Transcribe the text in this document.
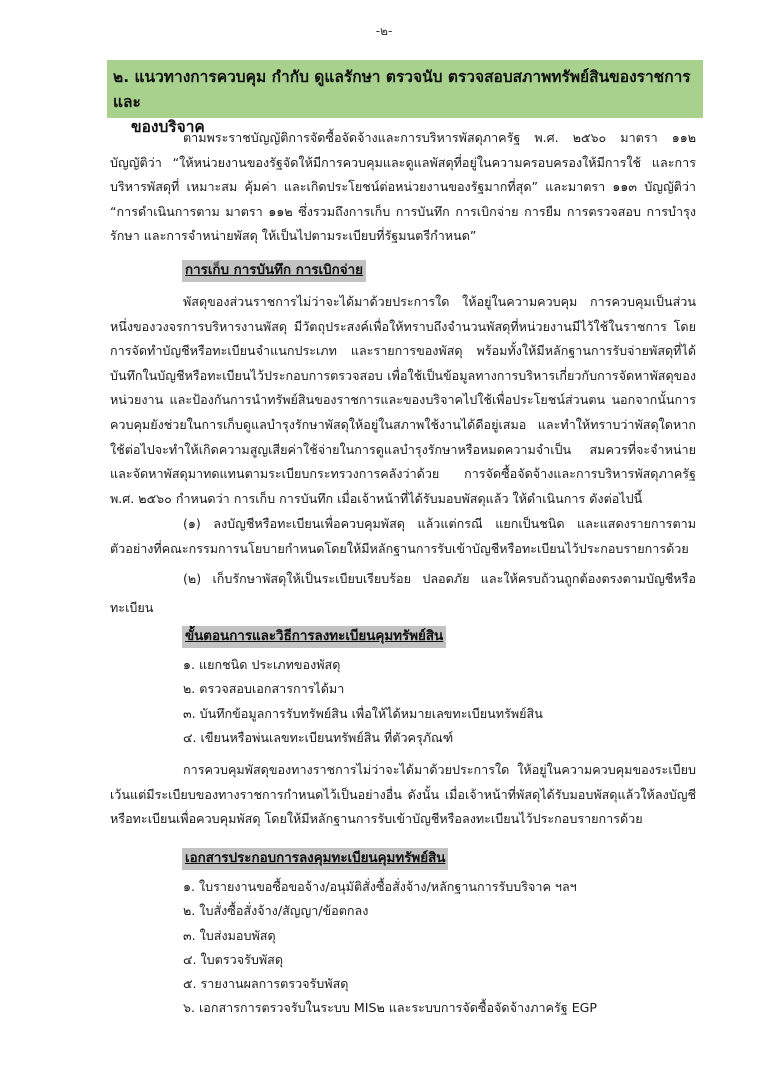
-๒-
๒. แนวทางการควบคุม กำกับ ดูแลรักษา ตรวจนับ ตรวจสอบสภาพทรัพย์สินของราชการและ
ของบริจาค

ตามพระราชบัญญัติการจัดซื้อจัดจ้างและการบริหารพัสดุภาครัฐ พ.ศ. ๒๕๖๐ มาตรา ๑๑๒ บัญญัติว่า “ให้หน่วยงานของรัฐจัดให้มีการควบคุมและดูแลพัสดุที่อยู่ในความครอบครองให้มีการใช้ และการบริหารพัสดุที่ เหมาะสม คุ้มค่า และเกิดประโยชน์ต่อหน่วยงานของรัฐมากที่สุด” และมาตรา ๑๑๓ บัญญัติว่า “การดำเนินการตาม มาตรา ๑๑๒ ซึ่งรวมถึงการเก็บ การบันทึก การเบิกจ่าย การยืม การตรวจสอบ การบำรุงรักษา และการจำหน่ายพัสดุ ให้เป็นไปตามระเบียบที่รัฐมนตรีกำหนด”

การเก็บ การบันทึก การเบิกจ่าย

พัสดุของส่วนราชการไม่ว่าจะได้มาด้วยประการใด ให้อยู่ในความควบคุม การควบคุมเป็นส่วนหนึ่งของวงจรการบริหารงานพัสดุ มีวัตถุประสงค์เพื่อให้ทราบถึงจำนวนพัสดุที่หน่วยงานมีไว้ใช้ในราชการ โดยการจัดทำบัญชีหรือทะเบียนจำแนกประเภท และรายการของพัสดุ พร้อมทั้งให้มีหลักฐานการรับจ่ายพัสดุที่ได้บันทึกในบัญชีหรือทะเบียนไว้ประกอบการตรวจสอบ เพื่อใช้เป็นข้อมูลทางการบริหารเกี่ยวกับการจัดหาพัสดุของหน่วยงาน และป้องกันการนำทรัพย์สินของราชการและของบริจาคไปใช้เพื่อประโยชน์ส่วนตน นอกจากนั้นการควบคุมยังช่วยในการเก็บดูแลบำรุงรักษาพัสดุให้อยู่ในสภาพใช้งานได้ดีอยู่เสมอ และทำให้ทราบว่าพัสดุใดหากใช้ต่อไปจะทำให้เกิดความสูญเสียค่าใช้จ่ายในการดูแลบำรุงรักษาหรือหมดความจำเป็น สมควรที่จะจำหน่ายและจัดหาพัสดุมาทดแทนตามระเบียบกระทรวงการคลังว่าด้วย การจัดซื้อจัดจ้างและการบริหารพัสดุภาครัฐ พ.ศ. ๒๕๖๐ กำหนดว่า การเก็บ การบันทึก เมื่อเจ้าหน้าที่ได้รับมอบพัสดุแล้ว ให้ดำเนินการ ดังต่อไปนี้

(๑) ลงบัญชีหรือทะเบียนเพื่อควบคุมพัสดุ แล้วแต่กรณี แยกเป็นชนิด และแสดงรายการตามตัวอย่างที่คณะกรรมการนโยบายกำหนดโดยให้มีหลักฐานการรับเข้าบัญชีหรือทะเบียนไว้ประกอบรายการด้วย

(๒) เก็บรักษาพัสดุให้เป็นระเบียบเรียบร้อย ปลอดภัย และให้ครบถ้วนถูกต้องตรงตามบัญชีหรือทะเบียน

ขั้นตอนการและวิธีการลงทะเบียนคุมทรัพย์สิน
๑. แยกชนิด ประเภทของพัสดุ
๒. ตรวจสอบเอกสารการได้มา
๓. บันทึกข้อมูลการรับทรัพย์สิน เพื่อให้ได้หมายเลขทะเบียนทรัพย์สิน
๔. เขียนหรือพ่นเลขทะเบียนทรัพย์สิน ที่ตัวครุภัณฑ์

การควบคุมพัสดุของทางราชการไม่ว่าจะได้มาด้วยประการใด ให้อยู่ในความควบคุมของระเบียบเว้นแต่มีระเบียบของทางราชการกำหนดไว้เป็นอย่างอื่น ดังนั้น เมื่อเจ้าหน้าที่พัสดุได้รับมอบพัสดุแล้วให้ลงบัญชีหรือทะเบียนเพื่อควบคุมพัสดุ โดยให้มีหลักฐานการรับเข้าบัญชีหรือลงทะเบียนไว้ประกอบรายการด้วย

เอกสารประกอบการลงคุมทะเบียนคุมทรัพย์สิน
๑. ใบรายงานขอซื้อขอจ้าง/อนุมัติสั่งซื้อสั่งจ้าง/หลักฐานการรับบริจาค ฯลฯ
๒. ใบสั่งซื้อสั่งจ้าง/สัญญา/ข้อตกลง
๓. ใบส่งมอบพัสดุ
๔. ใบตรวจรับพัสดุ
๕. รายงานผลการตรวจรับพัสดุ
๖. เอกสารการตรวจรับในระบบ MIS๒ และระบบการจัดซื้อจัดจ้างภาครัฐ EGP
